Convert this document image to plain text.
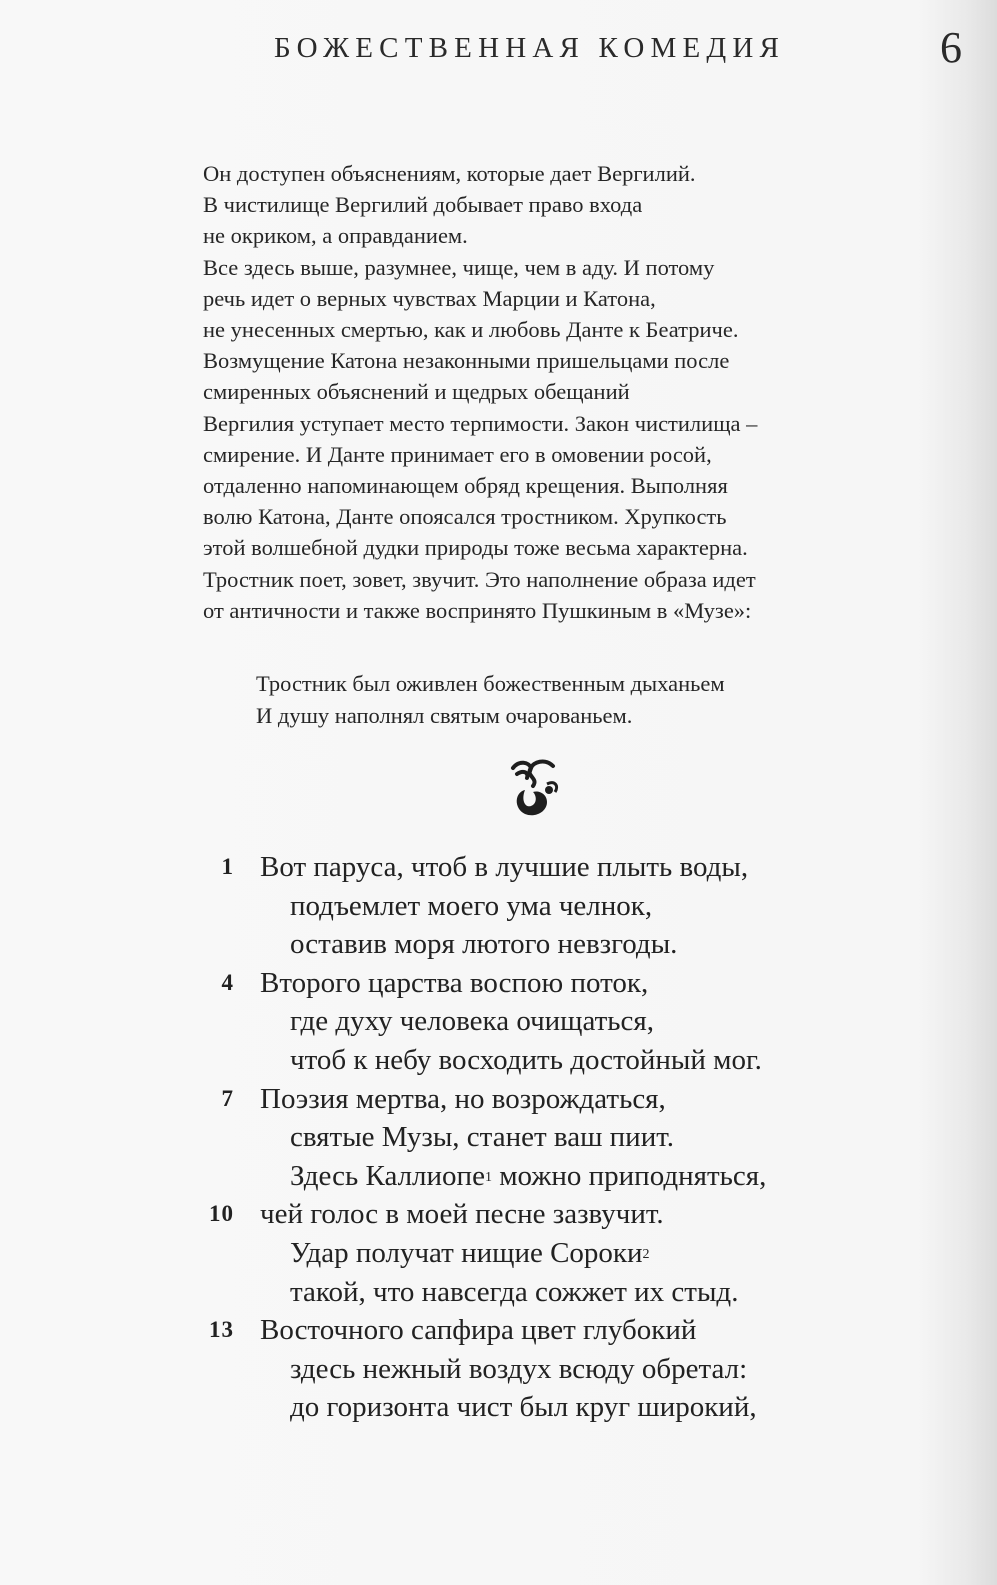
БОЖЕСТВЕННАЯ КОМЕДИЯ	6
Он доступен объяснениям, которые дает Вергилий.
В чистилище Вергилий добывает право входа
не окриком, а оправданием.
Все здесь выше, разумнее, чище, чем в аду. И потому
речь идет о верных чувствах Марции и Катона,
не унесенных смертью, как и любовь Данте к Беатриче.
Возмущение Катона незаконными пришельцами после
смиренных объяснений и щедрых обещаний
Вергилия уступает место терпимости. Закон чистилища –
смирение. И Данте принимает его в омовении росой,
отдаленно напоминающем обряд крещения. Выполняя
волю Катона, Данте опоясался тростником. Хрупкость
этой волшебной дудки природы тоже весьма характерна.
Тростник поет, зовет, звучит. Это наполнение образа идет
от античности и также воспринято Пушкиным в «Музе»:
Тростник был оживлен божественным дыханьем
И душу наполнял святым очарованьем.
1 Вот паруса, чтоб в лучшие плыть воды,
подъемлет моего ума челнок,
оставив моря лютого невзгоды.
4 Второго царства воспою поток,
где духу человека очищаться,
чтоб к небу восходить достойный мог.
7 Поэзия мертва, но возрождаться,
святые Музы, станет ваш пиит.
Здесь Каллиопе$^1$ можно приподняться,
10 чей голос в моей песне зазвучит.
Удар получат нищие Сороки$^2$
такой, что навсегда сожжет их стыд.
13 Восточного сапфира цвет глубокий
здесь нежный воздух всюду обретал:
до горизонта чист был круг широкий,
